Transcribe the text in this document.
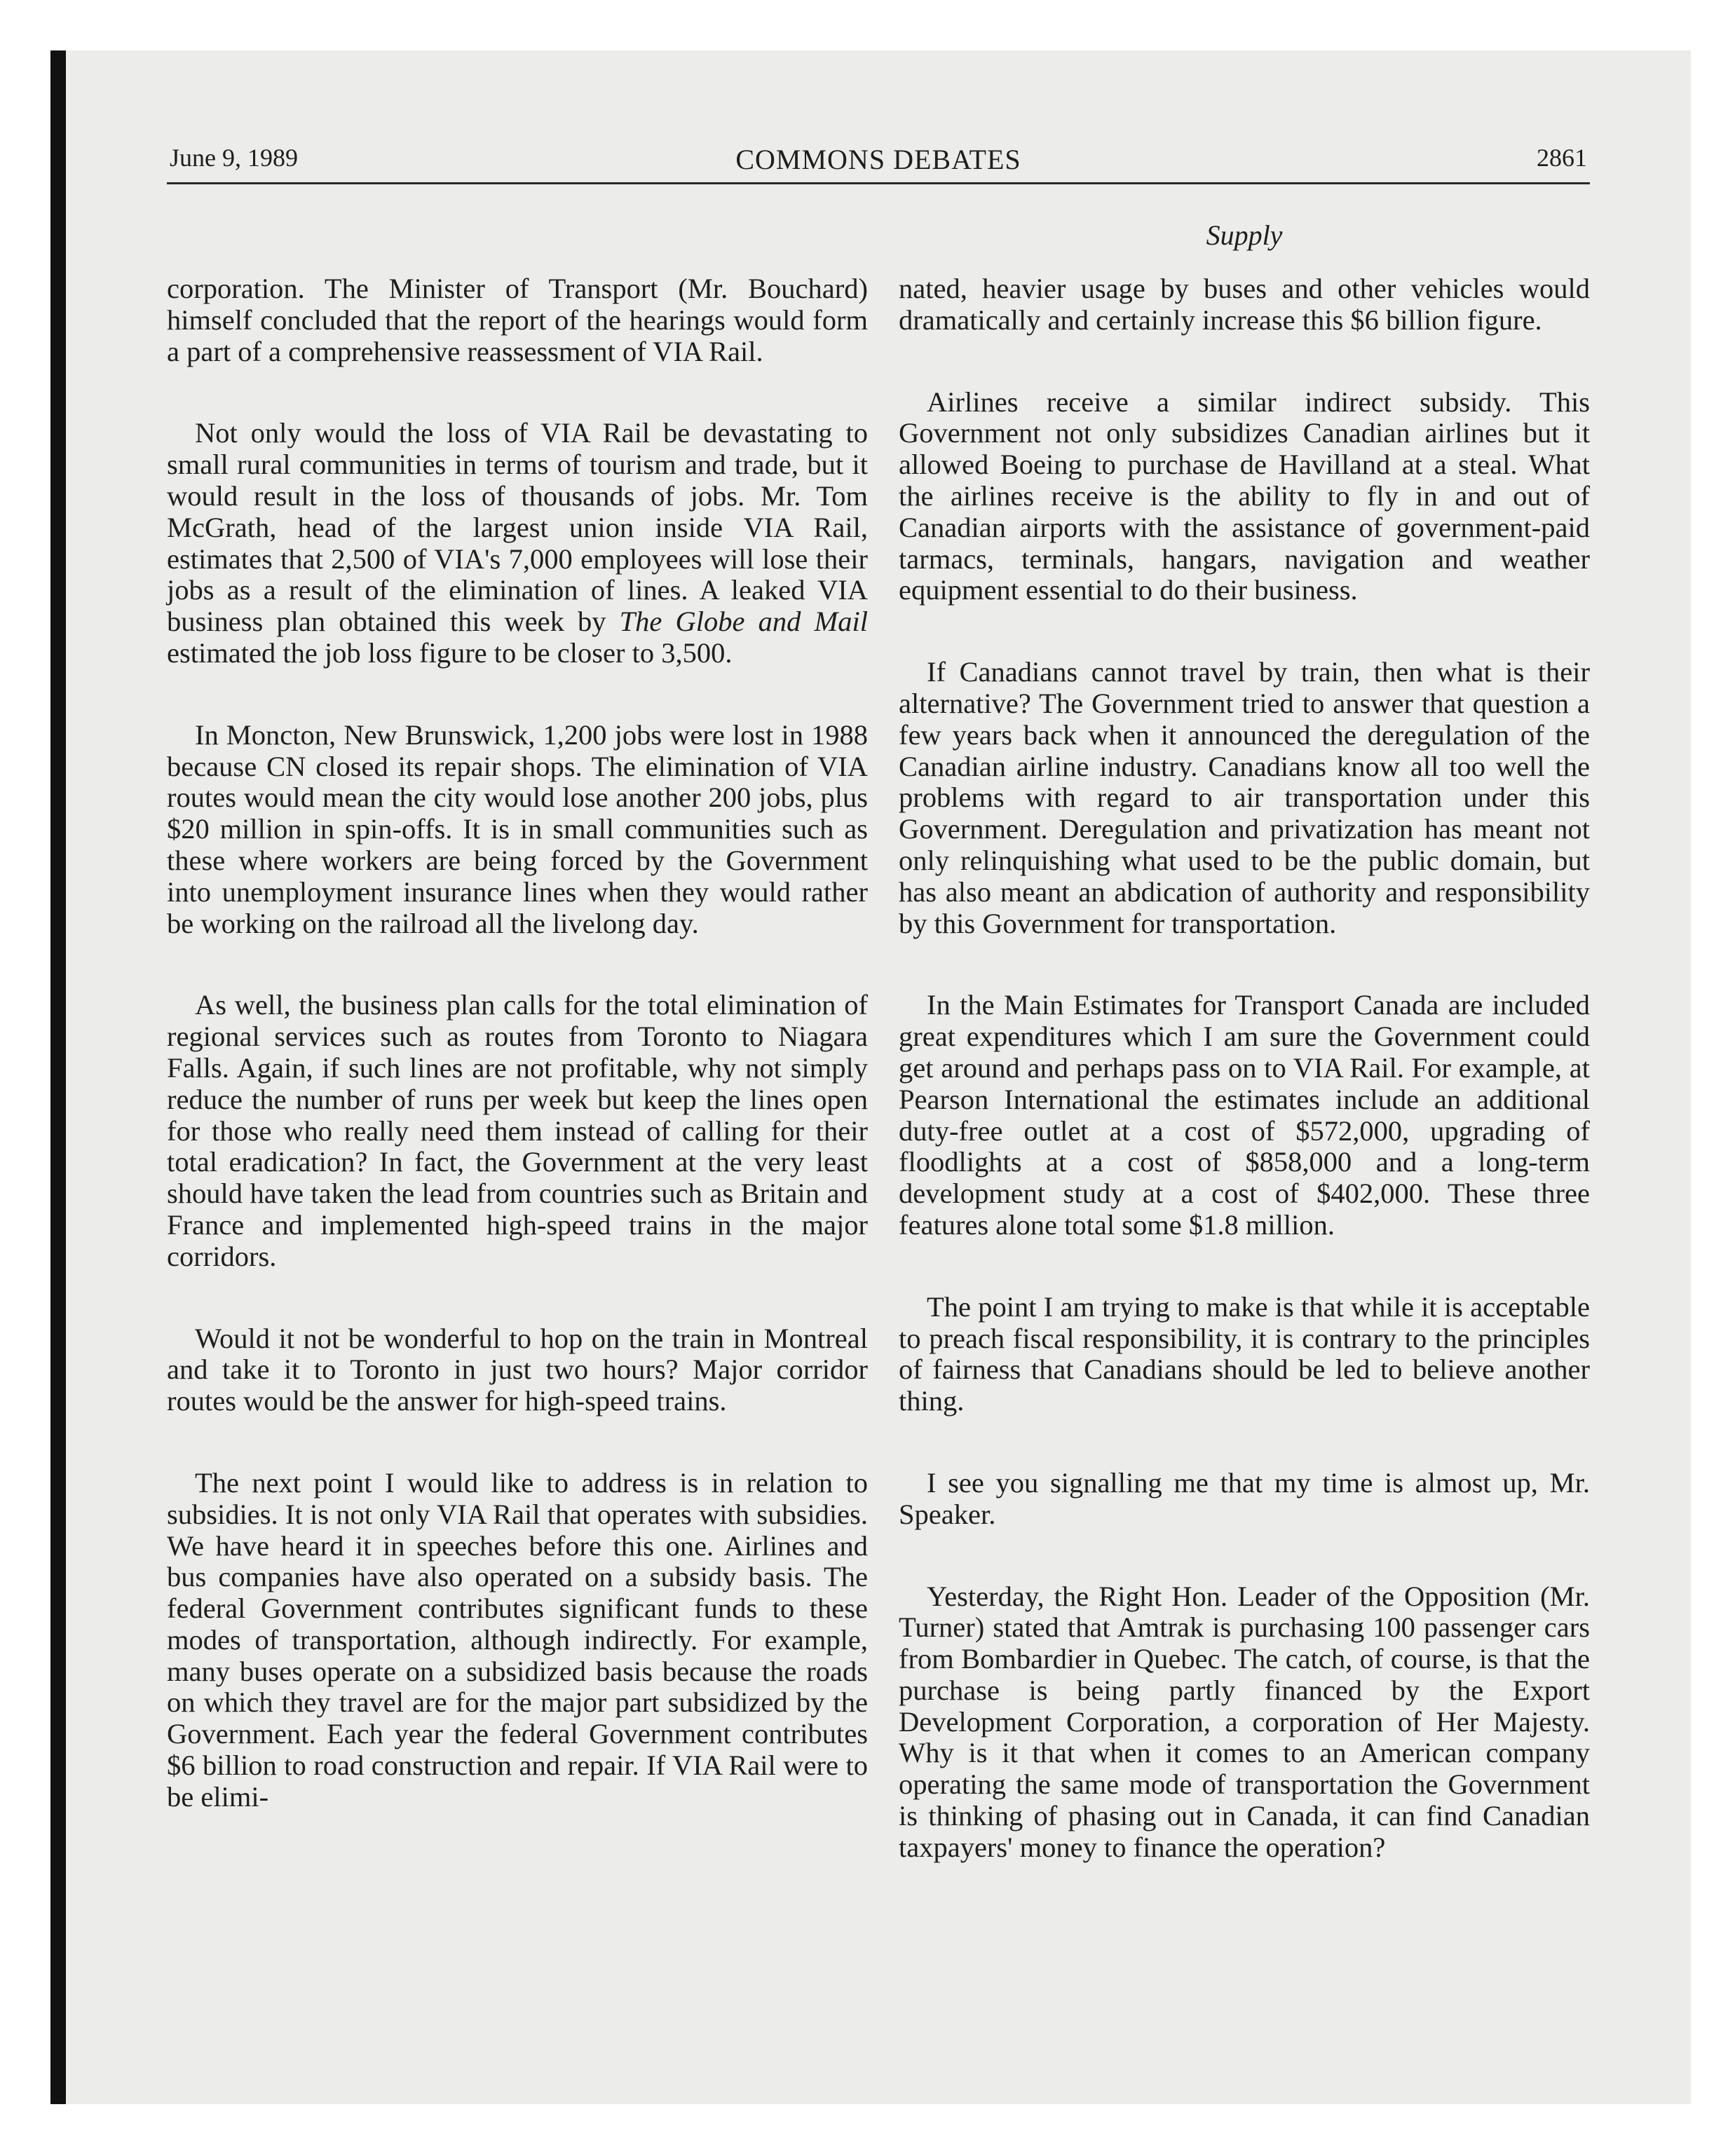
June 9, 1989	COMMONS DEBATES	2861
Supply

corporation. The Minister of Transport (Mr. Bouchard) himself concluded that the report of the hearings would form a part of a comprehensive reassessment of VIA Rail.

Not only would the loss of VIA Rail be devastating to small rural communities in terms of tourism and trade, but it would result in the loss of thousands of jobs. Mr. Tom McGrath, head of the largest union inside VIA Rail, estimates that 2,500 of VIA's 7,000 employees will lose their jobs as a result of the elimination of lines. A leaked VIA business plan obtained this week by The Globe and Mail estimated the job loss figure to be closer to 3,500.

In Moncton, New Brunswick, 1,200 jobs were lost in 1988 because CN closed its repair shops. The elimination of VIA routes would mean the city would lose another 200 jobs, plus $20 million in spin-offs. It is in small communities such as these where workers are being forced by the Government into unemployment insurance lines when they would rather be working on the railroad all the livelong day.

As well, the business plan calls for the total elimination of regional services such as routes from Toronto to Niagara Falls. Again, if such lines are not profitable, why not simply reduce the number of runs per week but keep the lines open for those who really need them instead of calling for their total eradication? In fact, the Government at the very least should have taken the lead from countries such as Britain and France and implemented high-speed trains in the major corridors.

Would it not be wonderful to hop on the train in Montreal and take it to Toronto in just two hours? Major corridor routes would be the answer for high-speed trains.

The next point I would like to address is in relation to subsidies. It is not only VIA Rail that operates with subsidies. We have heard it in speeches before this one. Airlines and bus companies have also operated on a subsidy basis. The federal Government contributes significant funds to these modes of transportation, although indirectly. For example, many buses operate on a subsidized basis because the roads on which they travel are for the major part subsidized by the Government. Each year the federal Government contributes $6 billion to road construction and repair. If VIA Rail were to be elimi-

nated, heavier usage by buses and other vehicles would dramatically and certainly increase this $6 billion figure.

Airlines receive a similar indirect subsidy. This Government not only subsidizes Canadian airlines but it allowed Boeing to purchase de Havilland at a steal. What the airlines receive is the ability to fly in and out of Canadian airports with the assistance of government-paid tarmacs, terminals, hangars, navigation and weather equipment essential to do their business.

If Canadians cannot travel by train, then what is their alternative? The Government tried to answer that question a few years back when it announced the deregulation of the Canadian airline industry. Canadians know all too well the problems with regard to air transportation under this Government. Deregulation and privatization has meant not only relinquishing what used to be the public domain, but has also meant an abdication of authority and responsibility by this Government for transportation.

In the Main Estimates for Transport Canada are included great expenditures which I am sure the Government could get around and perhaps pass on to VIA Rail. For example, at Pearson International the estimates include an additional duty-free outlet at a cost of $572,000, upgrading of floodlights at a cost of $858,000 and a long-term development study at a cost of $402,000. These three features alone total some $1.8 million.

The point I am trying to make is that while it is acceptable to preach fiscal responsibility, it is contrary to the principles of fairness that Canadians should be led to believe another thing.

I see you signalling me that my time is almost up, Mr. Speaker.

Yesterday, the Right Hon. Leader of the Opposition (Mr. Turner) stated that Amtrak is purchasing 100 passenger cars from Bombardier in Quebec. The catch, of course, is that the purchase is being partly financed by the Export Development Corporation, a corporation of Her Majesty. Why is it that when it comes to an American company operating the same mode of transportation the Government is thinking of phasing out in Canada, it can find Canadian taxpayers' money to finance the operation?
